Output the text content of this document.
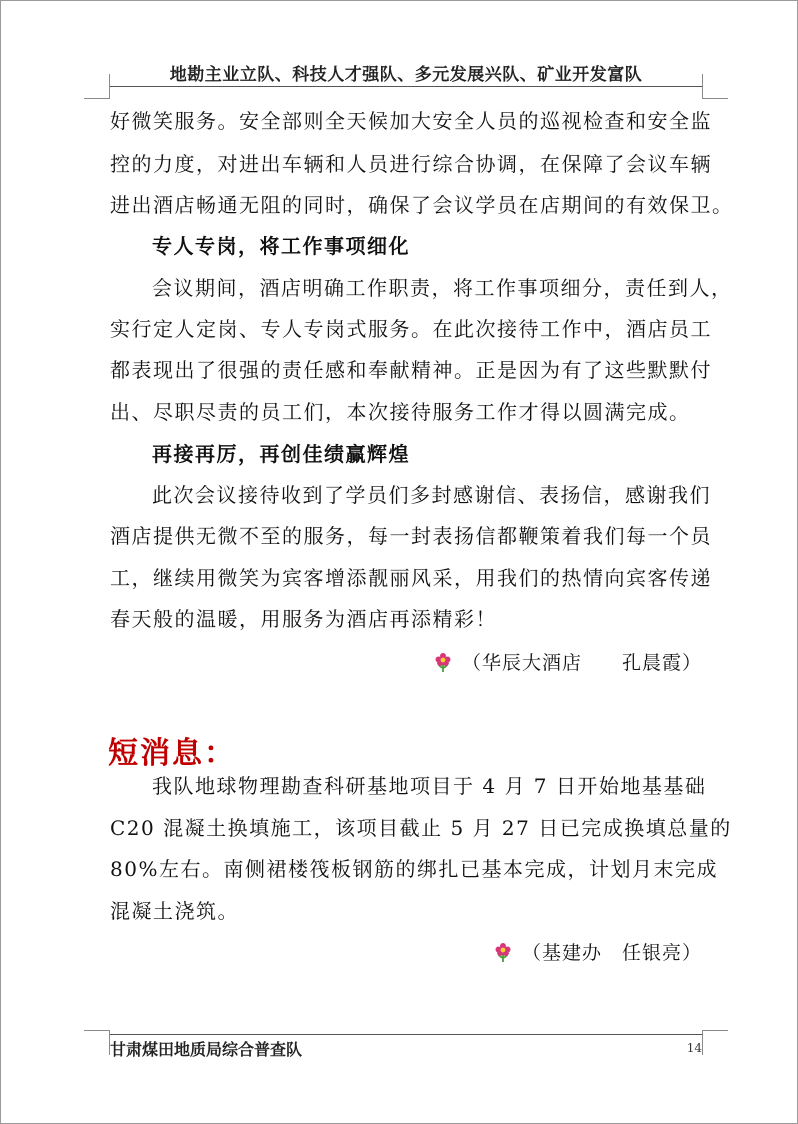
地勘主业立队、科技人才强队、多元发展兴队、矿业开发富队
好微笑服务。安全部则全天候加大安全人员的巡视检查和安全监
控的力度，对进出车辆和人员进行综合协调，在保障了会议车辆
进出酒店畅通无阻的同时，确保了会议学员在店期间的有效保卫。
专人专岗，将工作事项细化
会议期间，酒店明确工作职责，将工作事项细分，责任到人，
实行定人定岗、专人专岗式服务。在此次接待工作中，酒店员工
都表现出了很强的责任感和奉献精神。正是因为有了这些默默付
出、尽职尽责的员工们，本次接待服务工作才得以圆满完成。
再接再厉，再创佳绩赢辉煌
此次会议接待收到了学员们多封感谢信、表扬信，感谢我们
酒店提供无微不至的服务，每一封表扬信都鞭策着我们每一个员
工，继续用微笑为宾客增添靓丽风采，用我们的热情向宾客传递
春天般的温暖，用服务为酒店再添精彩！
（华辰大酒店　　孔晨霞）
短消息：
我队地球物理勘查科研基地项目于 4 月 7 日开始地基基础
C20 混凝土换填施工，该项目截止 5 月 27 日已完成换填总量的
80%左右。南侧裙楼筏板钢筋的绑扎已基本完成，计划月末完成
混凝土浇筑。
（基建办　任银亮）
甘肃煤田地质局综合普查队	14
